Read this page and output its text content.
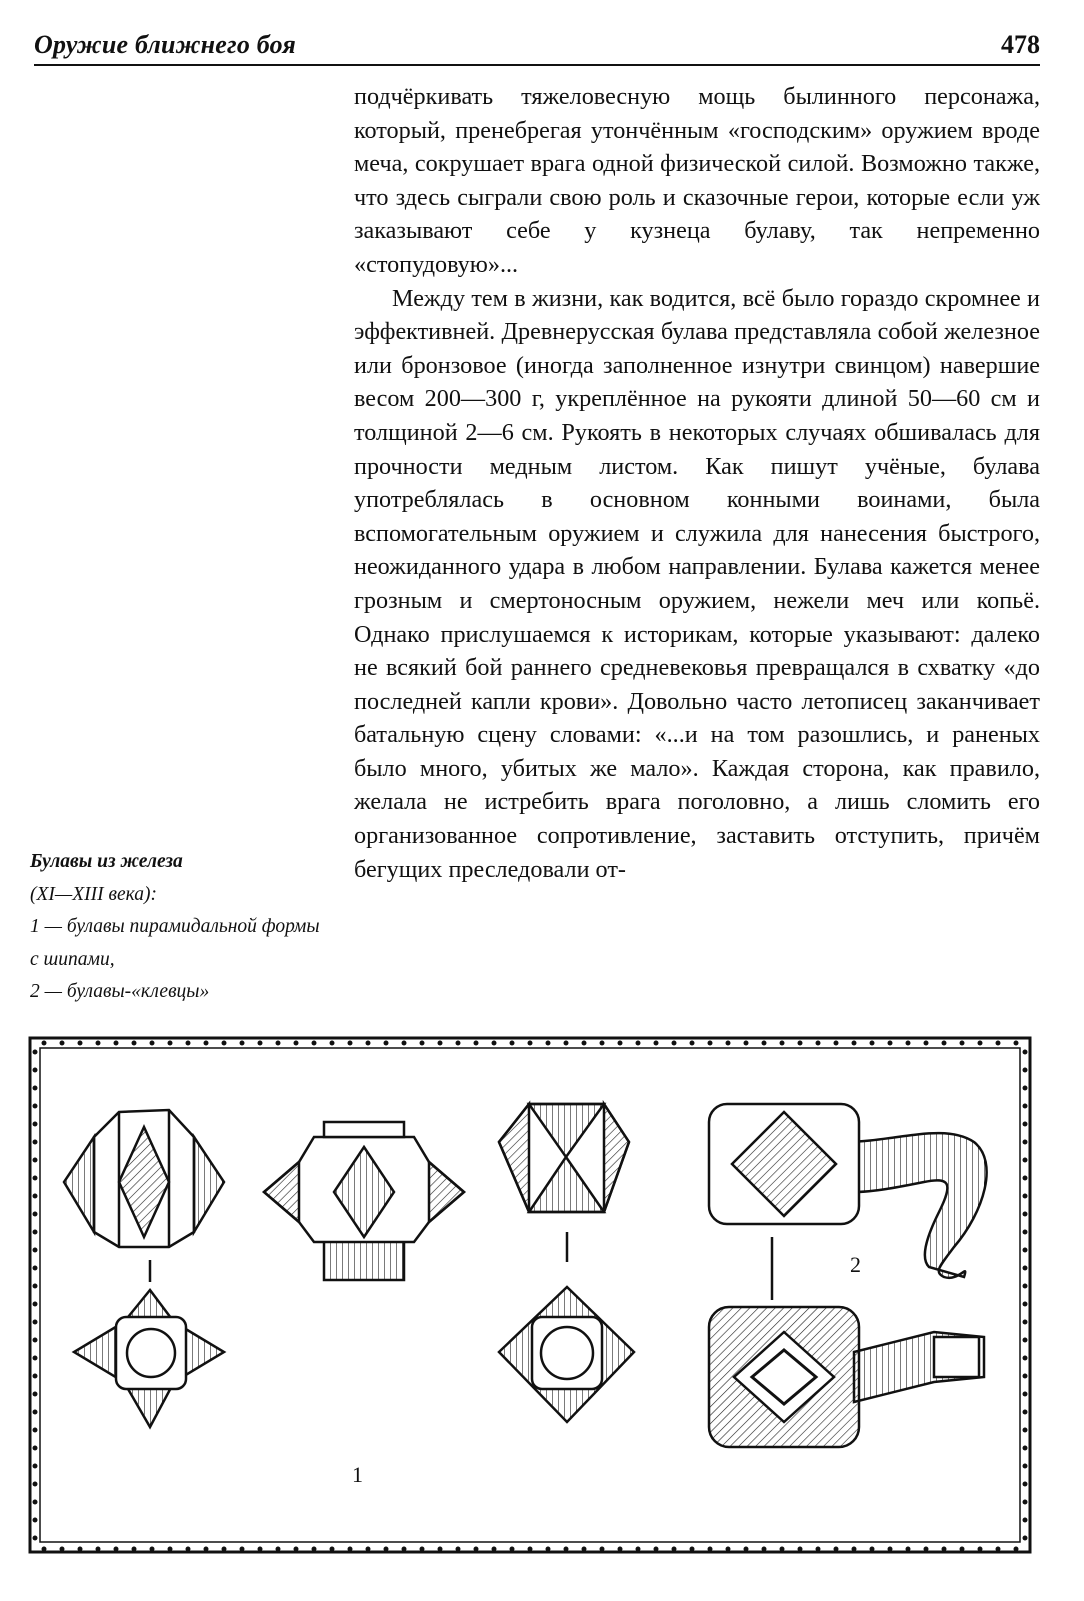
Оружие ближнего боя	478

подчёркивать тяжеловесную мощь былинного персонажа, который, пренебрегая утончённым «господским» оружием вроде меча, сокрушает врага одной физической силой. Возможно также, что здесь сыграли свою роль и сказочные герои, которые если уж заказывают себе у кузнеца булаву, так непременно «стопудовую»...

Между тем в жизни, как водится, всё было гораздо скромнее и эффективней. Древнерусская булава представляла собой железное или бронзовое (иногда заполненное изнутри свинцом) навершие весом 200—300 г, укреплённое на рукояти длиной 50—60 см и толщиной 2—6 см. Рукоять в некоторых случаях обшивалась для прочности медным листом. Как пишут учёные, булава употреблялась в основном конными воинами, была вспомогательным оружием и служила для нанесения быстрого, неожиданного удара в любом направлении. Булава кажется менее грозным и смертоносным оружием, нежели меч или копьё. Однако прислушаемся к историкам, которые указывают: далеко не всякий бой раннего средневековья превращался в схватку «до последней капли крови». Довольно часто летописец заканчивает батальную сцену словами: «...и на том разошлись, и раненых было много, убитых же мало». Каждая сторона, как правило, желала не истребить врага поголовно, а лишь сломить его организованное сопротивление, заставить отступить, причём бегущих преследовали от-

Булавы из железа
(XI—XIII века):
1 — булавы пирамидальной формы с шипами,
2 — булавы-«клевцы»
1
2
